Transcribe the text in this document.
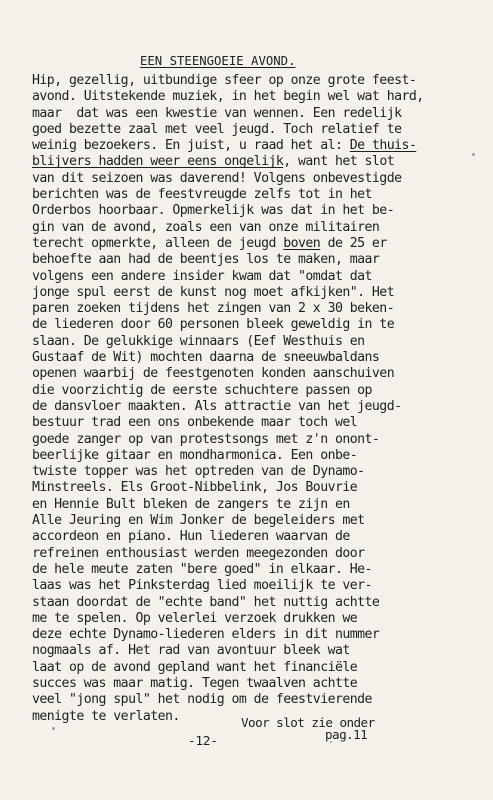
EEN STEENGOEIE AVOND.
Hip, gezellig, uitbundige sfeer op onze grote feest-
avond. Uitstekende muziek, in het begin wel wat hard,
maar  dat was een kwestie van wennen. Een redelijk
goed bezette zaal met veel jeugd. Toch relatief te
weinig bezoekers. En juist, u raad het al: De thuis-
blijvers hadden weer eens ongelijk, want het slot
van dit seizoen was daverend! Volgens onbevestigde
berichten was de feestvreugde zelfs tot in het
Orderbos hoorbaar. Opmerkelijk was dat in het be-
gin van de avond, zoals een van onze militairen
terecht opmerkte, alleen de jeugd boven de 25 er
behoefte aan had de beentjes los te maken, maar
volgens een andere insider kwam dat "omdat dat
jonge spul eerst de kunst nog moet afkijken". Het
paren zoeken tijdens het zingen van 2 x 30 beken-
de liederen door 60 personen bleek geweldig in te
slaan. De gelukkige winnaars (Eef Westhuis en
Gustaaf de Wit) mochten daarna de sneeuwbaldans
openen waarbij de feestgenoten konden aanschuiven
die voorzichtig de eerste schuchtere passen op
de dansvloer maakten. Als attractie van het jeugd-
bestuur trad een ons onbekende maar toch wel
goede zanger op van protestsongs met z'n onont-
beerlijke gitaar en mondharmonica. Een onbe-
twiste topper was het optreden van de Dynamo-
Minstreels. Els Groot-Nibbelink, Jos Bouvrie
en Hennie Bult bleken de zangers te zijn en
Alle Jeuring en Wim Jonker de begeleiders met
accordeon en piano. Hun liederen waarvan de
refreinen enthousiast werden meegezonden door
de hele meute zaten "bere goed" in elkaar. He-
laas was het Pinksterdag lied moeilijk te ver-
staan doordat de "echte band" het nuttig achtte
me te spelen. Op velerlei verzoek drukken we
deze echte Dynamo-liederen elders in dit nummer
nogmaals af. Het rad van avontuur bleek wat
laat op de avond gepland want het financiële
succes was maar matig. Tegen twaalven achtte
veel "jong spul" het nodig om de feestvierende
menigte te verlaten.	Voor slot zie onder
pag.11
-12-
